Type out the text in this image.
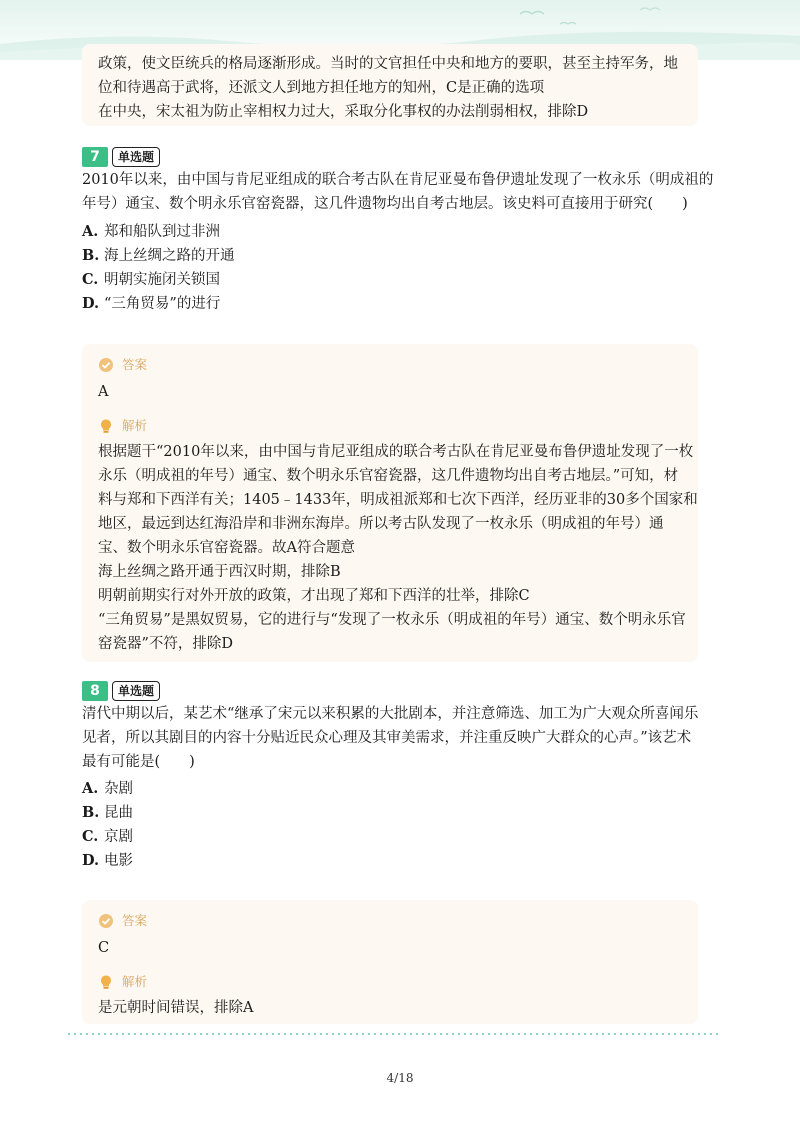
政策，使文臣统兵的格局逐渐形成。当时的文官担任中央和地方的要职，甚至主持军务，地
位和待遇高于武将，还派文人到地方担任地方的知州，C是正确的选项
在中央，宋太祖为防止宰相权力过大，采取分化事权的办法削弱相权，排除D
7	单选题
2010年以来，由中国与肯尼亚组成的联合考古队在肯尼亚曼布鲁伊遗址发现了一枚永乐（明成祖的
年号）通宝、数个明永乐官窑瓷器，这几件遗物均出自考古地层。该史料可直接用于研究(　　)
A. 郑和船队到过非洲
B. 海上丝绸之路的开通
C. 明朝实施闭关锁国
D. “三角贸易”的进行
答案
A
解析
根据题干“2010年以来，由中国与肯尼亚组成的联合考古队在肯尼亚曼布鲁伊遗址发现了一枚
永乐（明成祖的年号）通宝、数个明永乐官窑瓷器，这几件遗物均出自考古地层。”可知，材
料与郑和下西洋有关；1405﹣1433年，明成祖派郑和七次下西洋，经历亚非的30多个国家和
地区，最远到达红海沿岸和非洲东海岸。所以考古队发现了一枚永乐（明成祖的年号）通
宝、数个明永乐官窑瓷器。故A符合题意
海上丝绸之路开通于西汉时期，排除B
明朝前期实行对外开放的政策，才出现了郑和下西洋的壮举，排除C
“三角贸易”是黑奴贸易，它的进行与“发现了一枚永乐（明成祖的年号）通宝、数个明永乐官
窑瓷器”不符，排除D
8	单选题
清代中期以后，某艺术“继承了宋元以来积累的大批剧本，并注意筛选、加工为广大观众所喜闻乐
见者，所以其剧目的内容十分贴近民众心理及其审美需求，并注重反映广大群众的心声。”该艺术
最有可能是(　　)
A. 杂剧
B. 昆曲
C. 京剧
D. 电影
答案
C
解析
是元朝时间错误，排除A
4/18
